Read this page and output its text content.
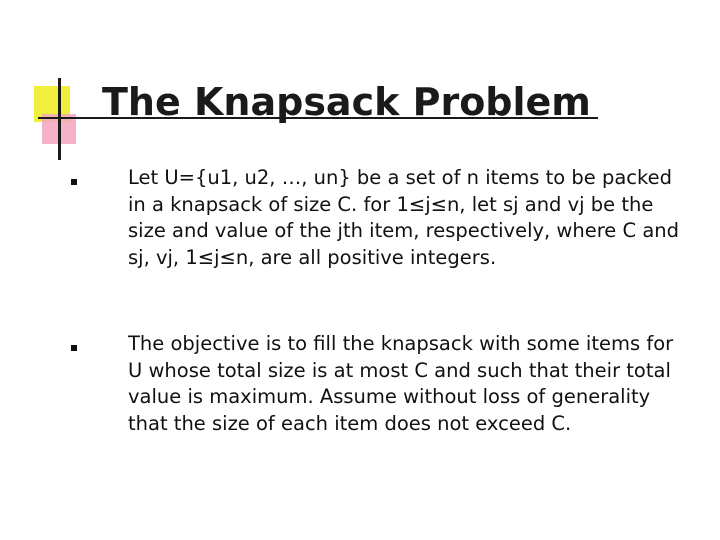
The Knapsack Problem

Let U={u1, u2, …, un} be a set of n items to be packed in a knapsack of size C. for 1≤j≤n, let sj and vj be the size and value of the jth item, respectively, where C and sj, vj, 1≤j≤n, are all positive integers.

The objective is to fill the knapsack with some items for U whose total size is at most C and such that their total value is maximum. Assume without loss of generality that the size of each item does not exceed C.
